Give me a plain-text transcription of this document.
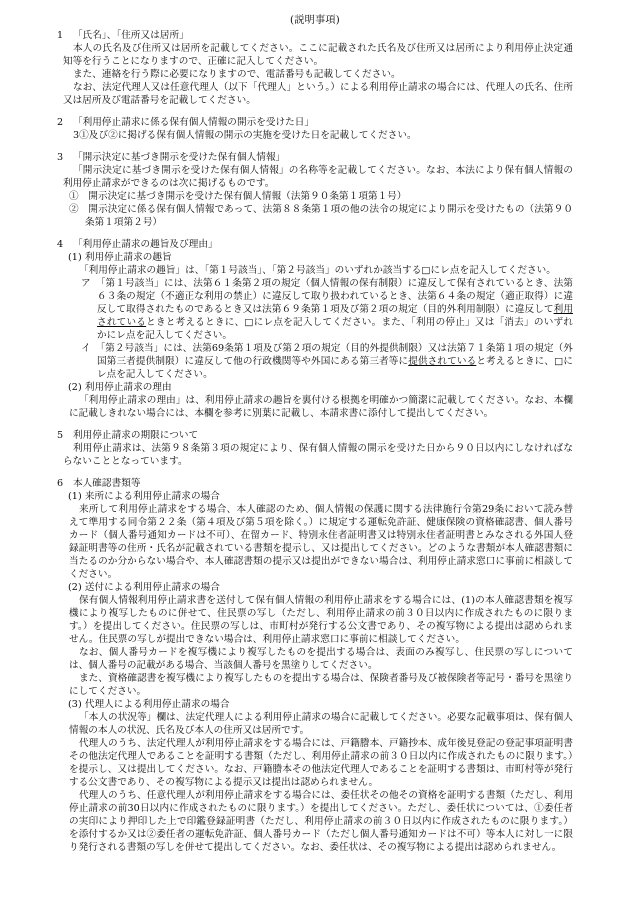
(説明事項)

1 「氏名」、「住所又は居所」

本人の氏名及び住所又は居所を記載してください。ここに記載された氏名及び住所又は居所により利用停止決定通知等を行うことになりますので、正確に記入してください。

また、連絡を行う際に必要になりますので、電話番号も記載してください。

なお、法定代理人又は任意代理人（以下「代理人」という。）による利用停止請求の場合には、代理人の氏名、住所又は居所及び電話番号を記載してください。

2 「利用停止請求に係る保有個人情報の開示を受けた日」

3①及び②に掲げる保有個人情報の開示の実施を受けた日を記載してください。

3 「開示決定に基づき開示を受けた保有個人情報」

「開示決定に基づき開示を受けた保有個人情報」の名称等を記載してください。なお、本法により保有個人情報の利用停止請求ができるのは次に掲げるものです。

①　 開示決定に基づき開示を受けた保有個人情報（法第９０条第１項第１号）

②　 開示決定に係る保有個人情報であって、法第８８条第１項の他の法令の規定により開示を受けたもの（法第９０条第１項第２号）

4 「利用停止請求の趣旨及び理由」

(1) 利用停止請求の趣旨

「利用停止請求の趣旨」は、「第１号該当」、「第２号該当」のいずれか該当する□にレ点を記入してください。

ア　 「第１号該当」には、法第６１条第２項の規定（個人情報の保有制限）に違反して保有されているとき、法第６３条の規定（不適正な利用の禁止）に違反して取り扱われているとき、法第６４条の規定（適正取得）に違反して取得されたものであるとき又は法第６９条第１項及び第２項の規定（目的外利用制限）に違反して利用されているときと考えるときに、□にレ点を記入してください。また、「利用の停止」又は「消去」のいずれかにレ点を記入してください。

イ　 「第２号該当」には、法第69条第１項及び第２項の規定（目的外提供制限）又は法第７１条第１項の規定（外国第三者提供制限）に違反して他の行政機関等や外国にある第三者等に提供されていると考えるときに、□にレ点を記入してください。

(2) 利用停止請求の理由

「利用停止請求の理由」は、利用停止請求の趣旨を裏付ける根拠を明確かつ簡潔に記載してください。なお、本欄に記載しきれない場合には、本欄を参考に別葉に記載し、本請求書に添付して提出してください。

5 利用停止請求の期限について

利用停止請求は、法第９８条第３項の規定により、保有個人情報の開示を受けた日から９０日以内にしなければならないこととなっています。

6 本人確認書類等

(1) 来所による利用停止請求の場合

来所して利用停止請求をする場合、本人確認のため、個人情報の保護に関する法律施行令第29条において読み替えて準用する同令第２２条（第４項及び第５項を除く。）に規定する運転免許証、健康保険の資格確認書、個人番号カード（個人番号通知カードは不可）、在留カード、特別永住者証明書又は特別永住者証明書とみなされる外国人登録証明書等の住所・氏名が記載されている書類を提示し、又は提出してください。どのような書類が本人確認書類に当たるのか分からない場合や、本人確認書類の提示又は提出ができない場合は、利用停止請求窓口に事前に相談してください。

(2) 送付による利用停止請求の場合

保有個人情報利用停止請求書を送付して保有個人情報の利用停止請求をする場合には、(1)の本人確認書類を複写機により複写したものに併せて、住民票の写し（ただし、利用停止請求の前３０日以内に作成されたものに限ります。）を提出してください。住民票の写しは、市町村が発行する公文書であり、その複写物による提出は認められません。住民票の写しが提出できない場合は、利用停止請求窓口に事前に相談してください。

なお、個人番号カードを複写機により複写したものを提出する場合は、表面のみ複写し、住民票の写しについては、個人番号の記載がある場合、当該個人番号を黒塗りしてください。

また、資格確認書を複写機により複写したものを提出する場合は、保険者番号及び被保険者等記号・番号を黒塗りにしてください。

(3) 代理人による利用停止請求の場合

「本人の状況等」欄は、法定代理人による利用停止請求の場合に記載してください。必要な記載事項は、保有個人情報の本人の状況、氏名及び本人の住所又は居所です。

代理人のうち、法定代理人が利用停止請求をする場合には、戸籍謄本、戸籍抄本、成年後見登記の登記事項証明書その他法定代理人であることを証明する書類（ただし、利用停止請求の前３０日以内に作成されたものに限ります。）を提示し、又は提出してください。なお、戸籍謄本その他法定代理人であることを証明する書類は、市町村等が発行する公文書であり、その複写物による提示又は提出は認められません。

代理人のうち、任意代理人が利用停止請求をする場合には、委任状その他その資格を証明する書類（ただし、利用停止請求の前30日以内に作成されたものに限ります。）を提出してください。ただし、委任状については、①委任者の実印により押印した上で印鑑登録証明書（ただし、利用停止請求の前３０日以内に作成されたものに限ります。）を添付するか又は②委任者の運転免許証、個人番号カード（ただし個人番号通知カードは不可）等本人に対し一に限り発行される書類の写しを併せて提出してください。なお、委任状は、その複写物による提出は認められません。
